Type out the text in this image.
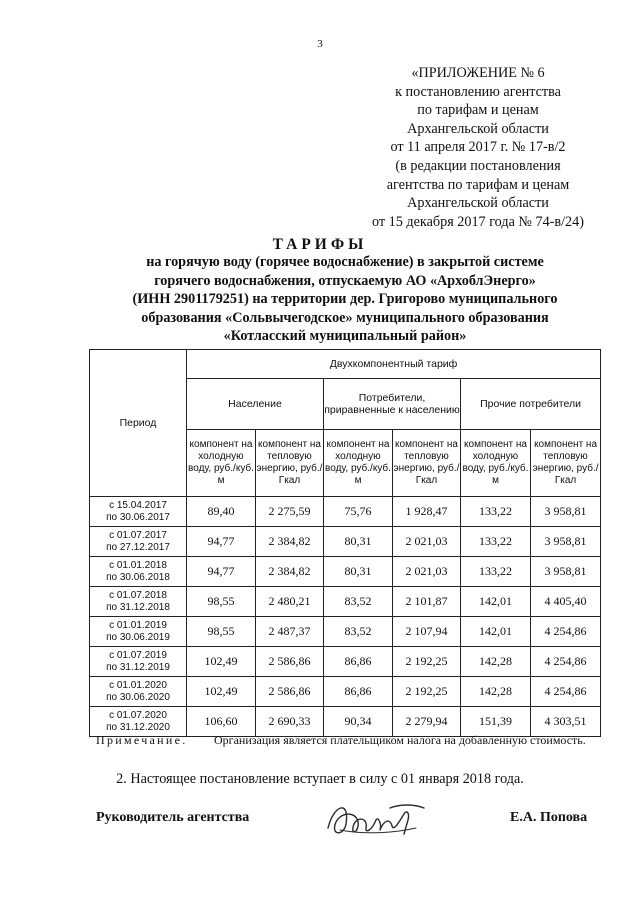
3
«ПРИЛОЖЕНИЕ № 6
к постановлению агентства
по тарифам и ценам
Архангельской области
от 11 апреля 2017 г. № 17-в/2
(в редакции постановления
агентства по тарифам и ценам
Архангельской области
от 15 декабря 2017 года № 74-в/24)
ТАРИФЫ
на горячую воду (горячее водоснабжение) в закрытой системе
горячего водоснабжения, отпускаемую АО «АрхоблЭнерго»
(ИНН 2901179251) на территории дер. Григорово муниципального
образования «Сольвычегодское» муниципального образования
«Котласский муниципальный район»
Период	Двухкомпонентный тариф					
	Население		Потребители, приравненные к населению		Прочие потребители	
	компонент на холодную воду, руб./куб. м	компонент на тепловую энергию, руб./Гкал	компонент на холодную воду, руб./куб. м	компонент на тепловую энергию, руб./Гкал	компонент на холодную воду, руб./куб. м	компонент на тепловую энергию, руб./Гкал

с 15.04.2017
по 30.06.2017	89,40	2 275,59	75,76	1 928,47	133,22	3 958,81

с 01.07.2017
по 27.12.2017	94,77	2 384,82	80,31	2 021,03	133,22	3 958,81

с 01.01.2018
по 30.06.2018	94,77	2 384,82	80,31	2 021,03	133,22	3 958,81

с 01.07.2018
по 31.12.2018	98,55	2 480,21	83,52	2 101,87	142,01	4 405,40

с 01.01.2019
по 30.06.2019	98,55	2 487,37	83,52	2 107,94	142,01	4 254,86

с 01.07.2019
по 31.12.2019	102,49	2 586,86	86,86	2 192,25	142,28	4 254,86

с 01.01.2020
по 30.06.2020	102,49	2 586,86	86,86	2 192,25	142,28	4 254,86

с 01.07.2020
по 31.12.2020	106,60	2 690,33	90,34	2 279,94	151,39	4 303,51
Примечание. Организация является плательщиком налога на добавленную стоимость.
2. Настоящее постановление вступает в силу с 01 января 2018 года.
Руководитель агентства	Е.А. Попова
